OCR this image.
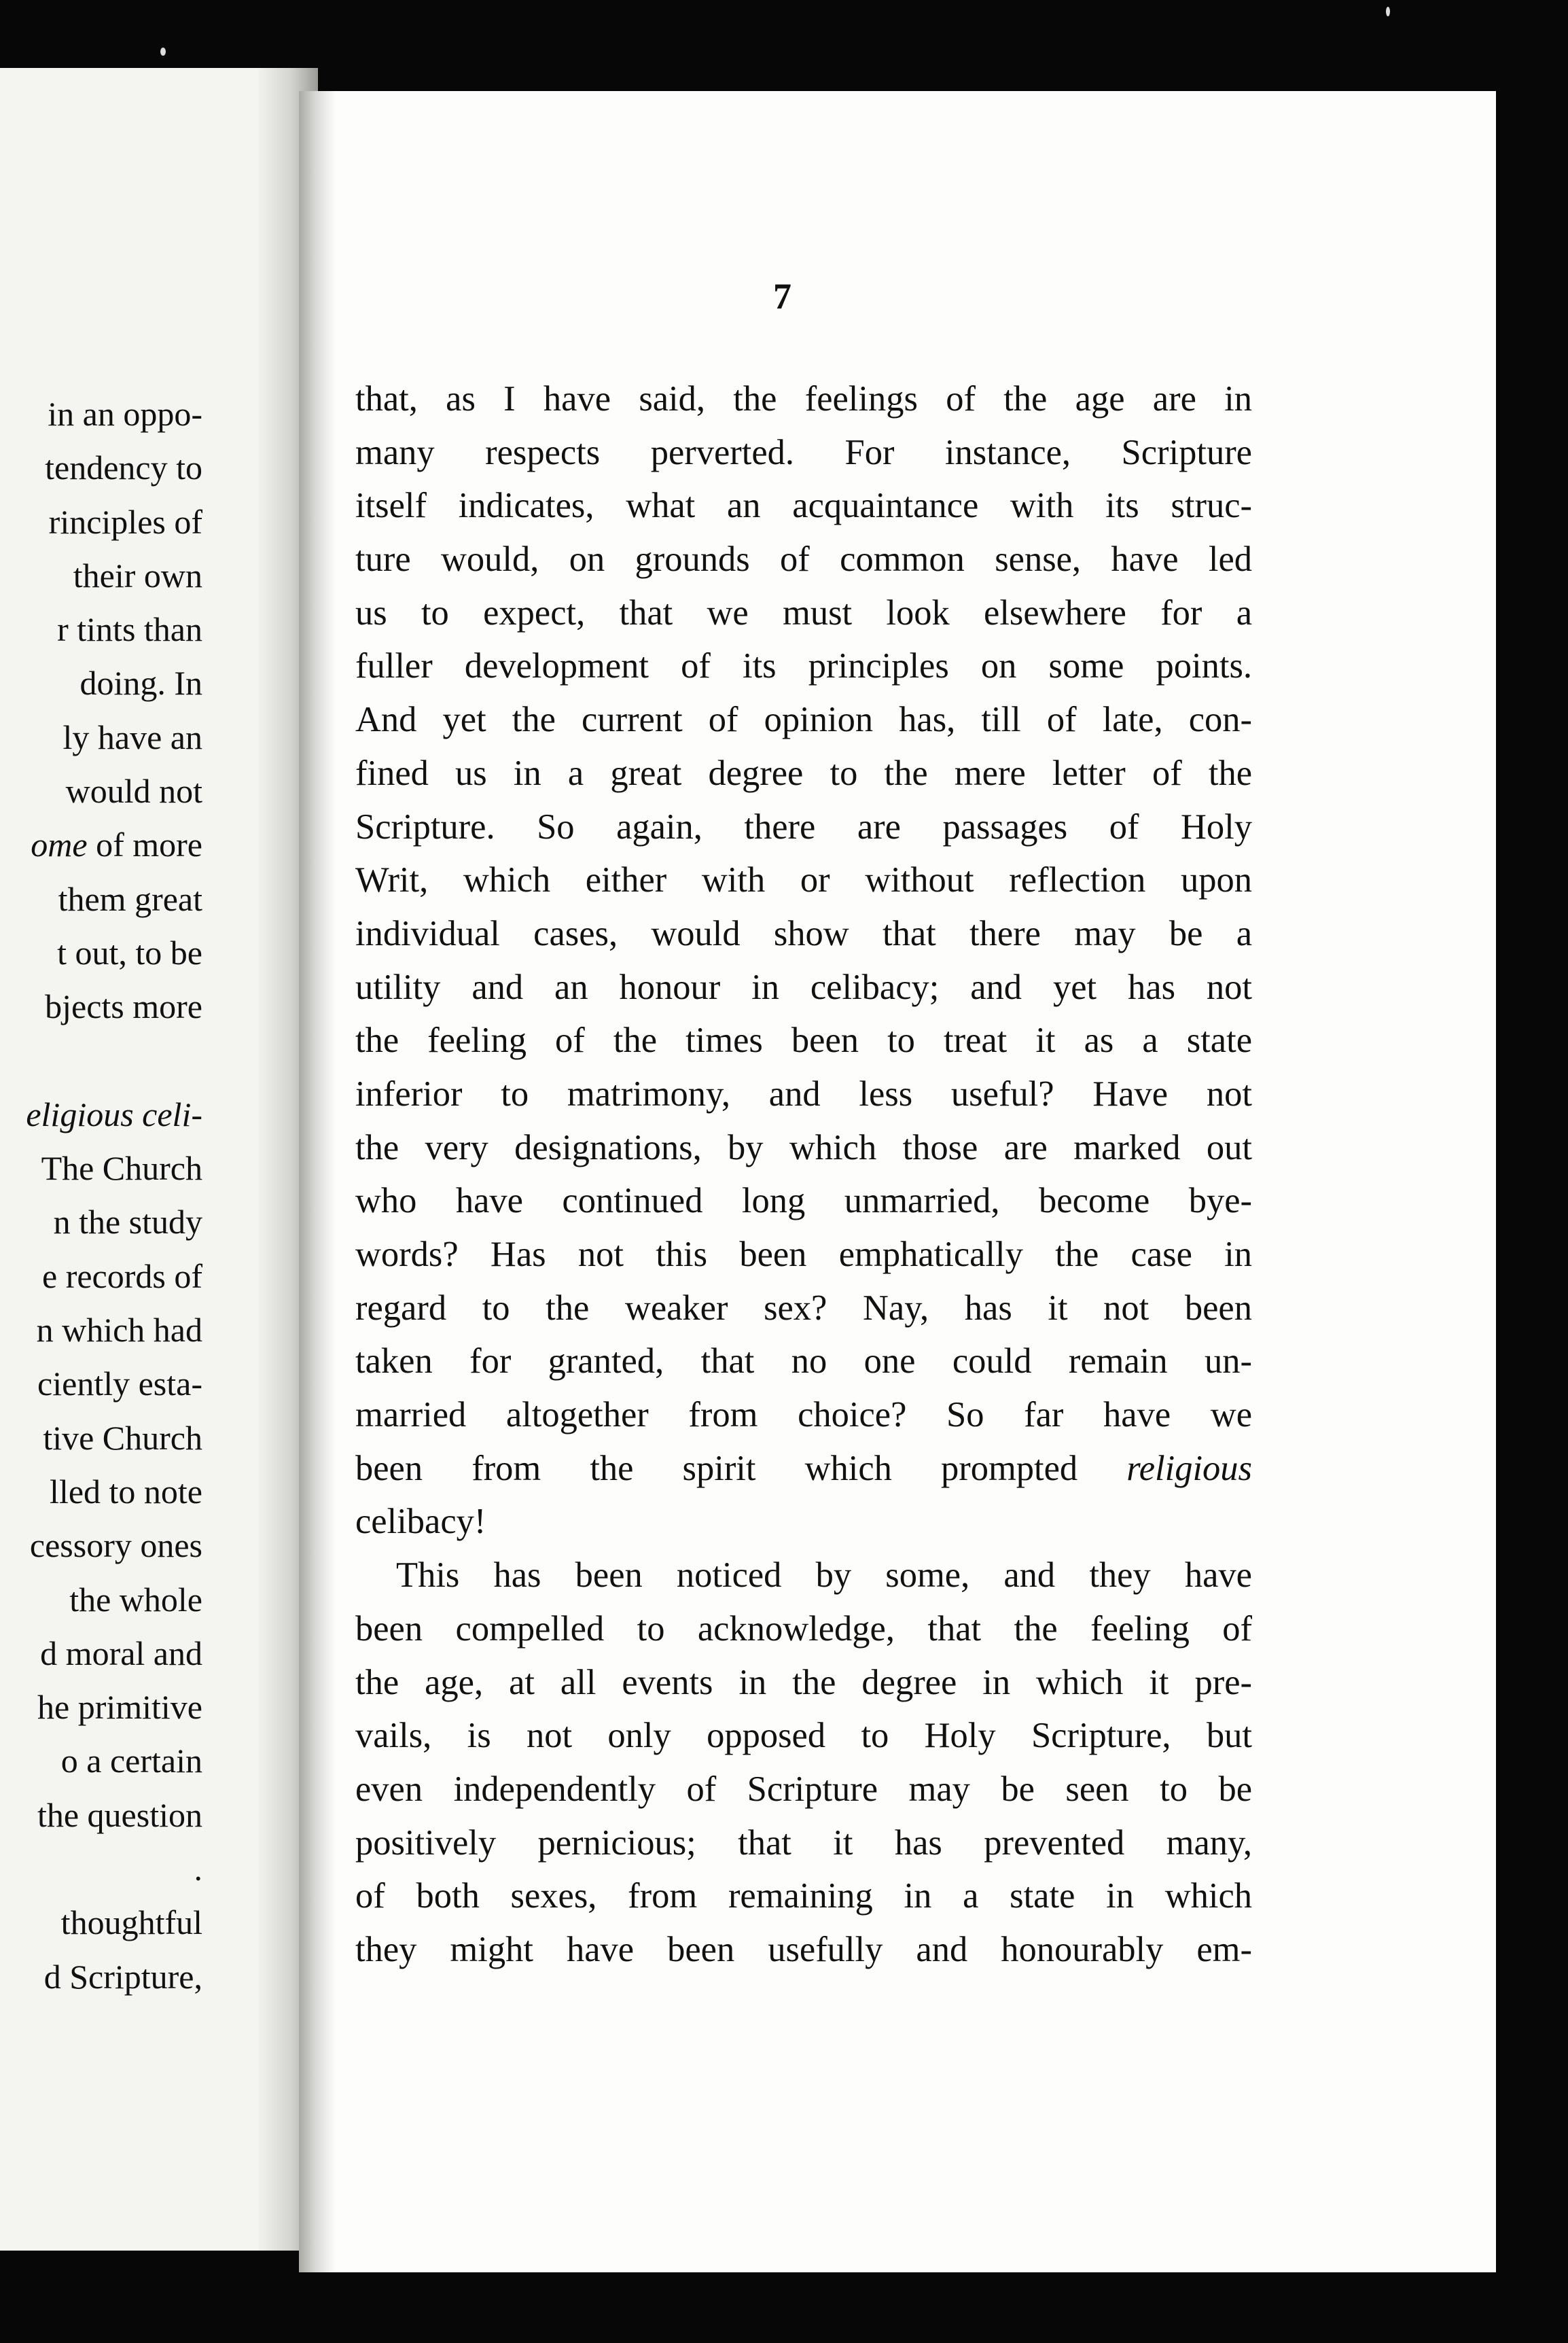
in an oppo-
tendency to
rinciples of
their own
r tints than
doing. In
ly have an
would not
ome of more
them great
t out, to be
bjects more
eligious celi-
The Church
n the study
e records of
n which had
ciently esta-
tive Church
lled to note
cessory ones
the whole
d moral and
he primitive
o a certain
the question
.
thoughtful
d Scripture,
7
that, as I have said, the feelings of the age are in
many respects perverted. For instance, Scripture
itself indicates, what an acquaintance with its struc-
ture would, on grounds of common sense, have led
us to expect, that we must look elsewhere for a
fuller development of its principles on some points.
And yet the current of opinion has, till of late, con-
fined us in a great degree to the mere letter of the
Scripture. So again, there are passages of Holy
Writ, which either with or without reflection upon
individual cases, would show that there may be a
utility and an honour in celibacy; and yet has not
the feeling of the times been to treat it as a state
inferior to matrimony, and less useful? Have not
the very designations, by which those are marked out
who have continued long unmarried, become bye-
words? Has not this been emphatically the case in
regard to the weaker sex? Nay, has it not been
taken for granted, that no one could remain un-
married altogether from choice? So far have we
been from the spirit which prompted religious
celibacy!
This has been noticed by some, and they have
been compelled to acknowledge, that the feeling of
the age, at all events in the degree in which it pre-
vails, is not only opposed to Holy Scripture, but
even independently of Scripture may be seen to be
positively pernicious; that it has prevented many,
of both sexes, from remaining in a state in which
they might have been usefully and honourably em-
